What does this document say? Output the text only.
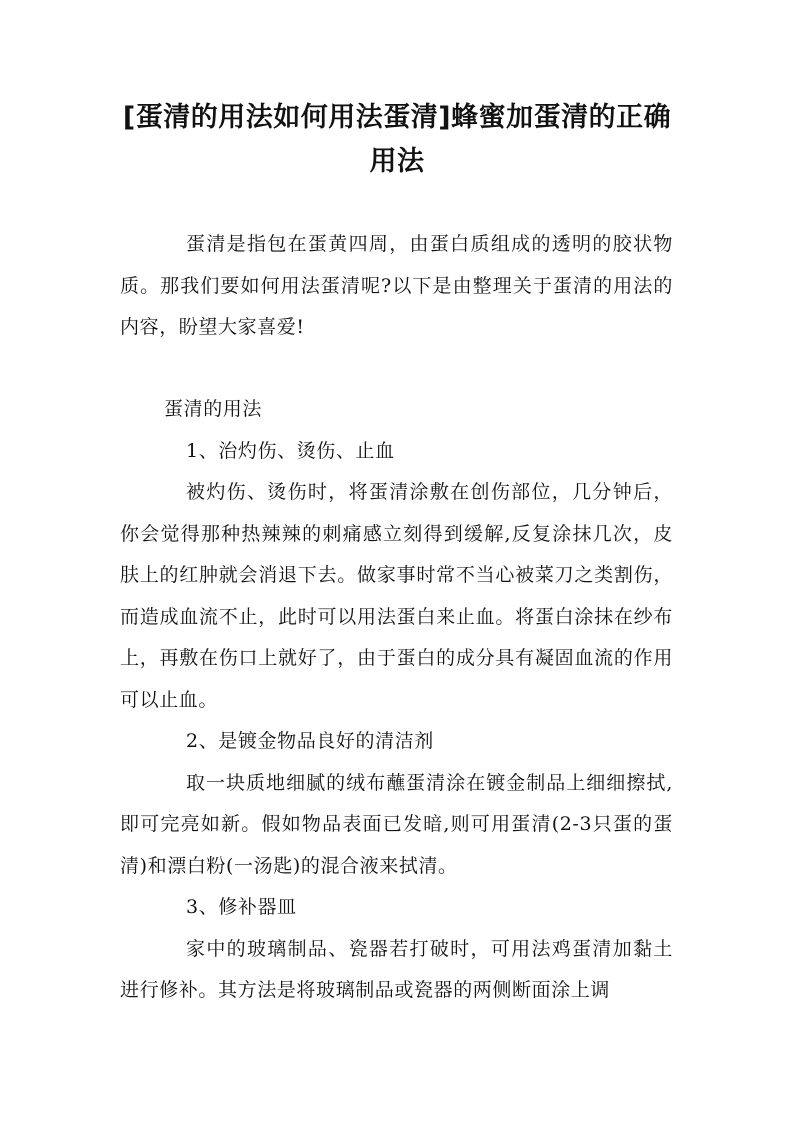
[蛋清的用法如何用法蛋清]蜂蜜加蛋清的正确用法

蛋清是指包在蛋黄四周，由蛋白质组成的透明的胶状物质。那我们要如何用法蛋清呢?以下是由整理关于蛋清的用法的内容，盼望大家喜爱!

蛋清的用法

1、治灼伤、烫伤、止血

被灼伤、烫伤时，将蛋清涂敷在创伤部位，几分钟后，你会觉得那种热辣辣的刺痛感立刻得到缓解,反复涂抹几次，皮肤上的红肿就会消退下去。做家事时常不当心被菜刀之类割伤，而造成血流不止，此时可以用法蛋白来止血。将蛋白涂抹在纱布上，再敷在伤口上就好了，由于蛋白的成分具有凝固血流的作用可以止血。

2、是镀金物品良好的清洁剂

取一块质地细腻的绒布蘸蛋清涂在镀金制品上细细擦拭,即可完亮如新。假如物品表面已发暗,则可用蛋清(2-3只蛋的蛋清)和漂白粉(一汤匙)的混合液来拭清。

3、修补器皿

家中的玻璃制品、瓷器若打破时，可用法鸡蛋清加黏土进行修补。其方法是将玻璃制品或瓷器的两侧断面涂上调
